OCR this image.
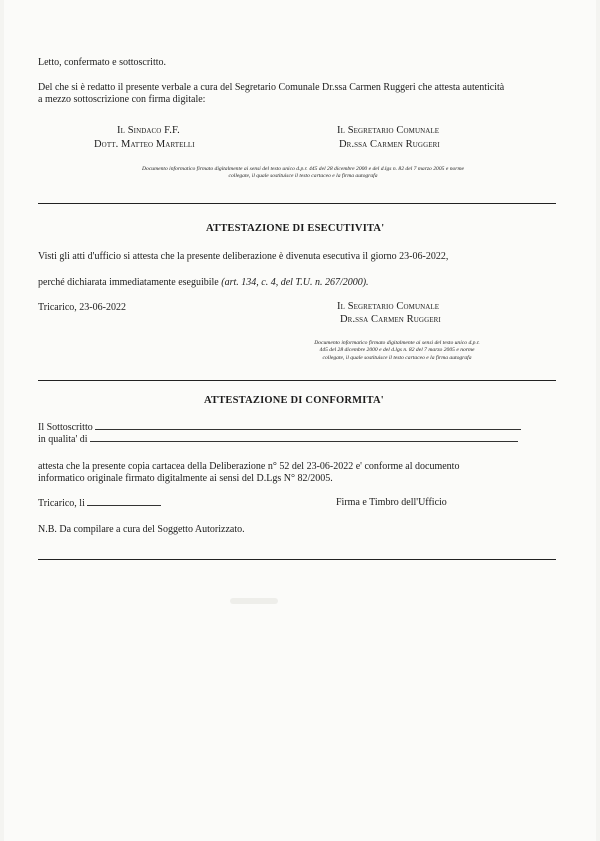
Letto, confermato e sottoscritto.
Del che si è redatto il presente verbale a cura del Segretario Comunale Dr.ssa Carmen Ruggeri che attesta autenticità
a mezzo sottoscrizione con firma digitale:
Il Sindaco F.F.
Dott. Matteo Martelli
Il Segretario Comunale
Dr.ssa Carmen Ruggeri
Documento informatico firmato digitalmente ai sensi del testo unico d.p.r. 445 del 28 dicembre 2000 e del d.lgs n. 82 del 7 marzo 2005 e norme
collegate, il quale sostituisce il testo cartaceo e la firma autografa
ATTESTAZIONE DI ESECUTIVITA'
Visti gli atti d'ufficio si attesta che la presente deliberazione è divenuta esecutiva il giorno 23-06-2022,
perché dichiarata immediatamente eseguibile (art. 134, c. 4, del T.U. n. 267/2000).
Tricarico, 23-06-2022	Il Segretario Comunale
Dr.ssa Carmen Ruggeri
Documento informatico firmato digitalmente ai sensi del testo unico d.p.r.
445 del 28 dicembre 2000 e del d.lgs n. 82 del 7 marzo 2005 e norme
collegate, il quale sostituisce il testo cartaceo e la firma autografa
ATTESTAZIONE DI CONFORMITA'
Il Sottoscritto
in qualita' di
attesta che la presente copia cartacea della Deliberazione n° 52 del 23-06-2022 e' conforme al documento
informatico originale firmato digitalmente ai sensi del D.Lgs N° 82/2005.
Tricarico, li	Firma e Timbro dell'Ufficio
N.B. Da compilare a cura del Soggetto Autorizzato.
